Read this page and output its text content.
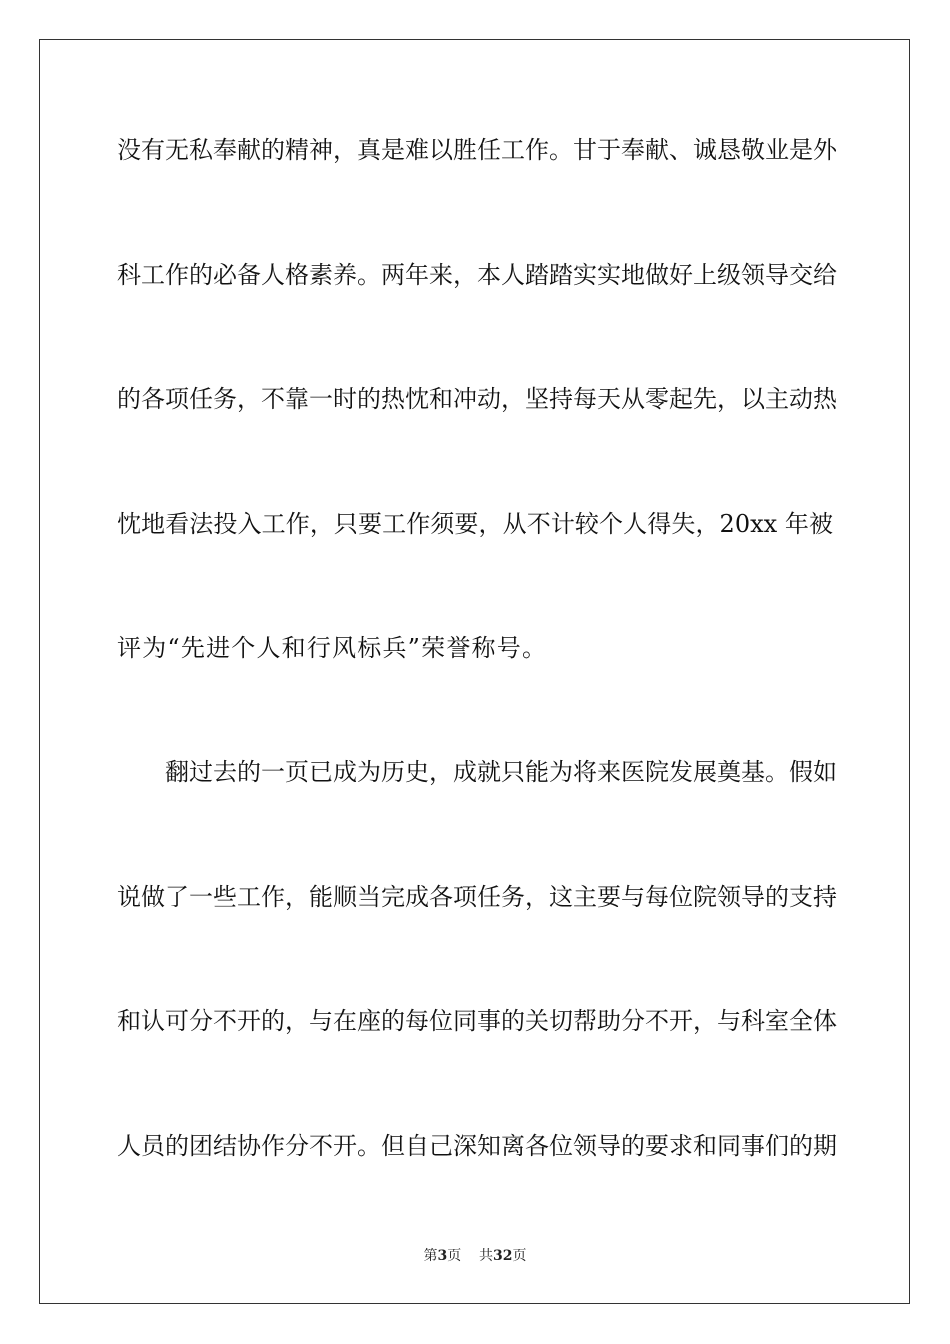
没有无私奉献的精神，真是难以胜任工作。甘于奉献、诚恳敬业是外
科工作的必备人格素养。两年来，本人踏踏实实地做好上级领导交给
的各项任务，不靠一时的热忱和冲动，坚持每天从零起先，以主动热
忱地看法投入工作，只要工作须要，从不计较个人得失，20xx 年被
评为“先进个人和行风标兵”荣誉称号。
翻过去的一页已成为历史，成就只能为将来医院发展奠基。假如
说做了一些工作，能顺当完成各项任务，这主要与每位院领导的支持
和认可分不开的，与在座的每位同事的关切帮助分不开，与科室全体
人员的团结协作分不开。但自己深知离各位领导的要求和同事们的期
第3页    共32页
